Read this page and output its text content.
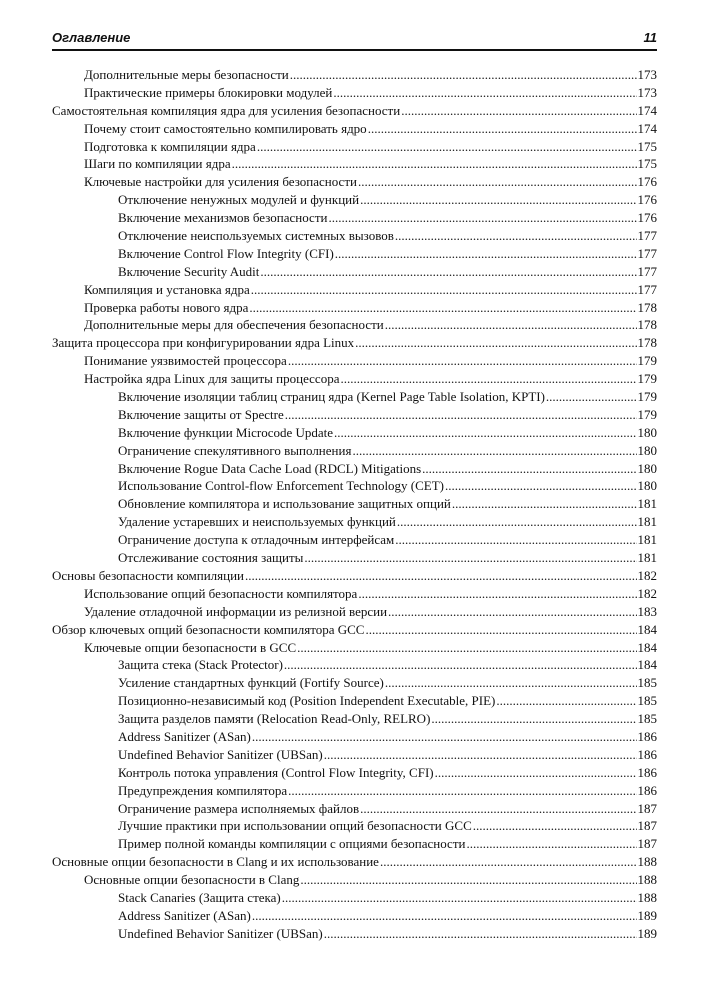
Оглавление	11
Дополнительные меры безопасности .....	173
Практические примеры блокировки модулей .....	173
Самостоятельная компиляция ядра для усиления безопасности .....	174
Почему стоит самостоятельно компилировать ядро .....	174
Подготовка к компиляции ядра .....	175
Шаги по компиляции ядра .....	175
Ключевые настройки для усиления безопасности .....	176
Отключение ненужных модулей и функций .....	176
Включение механизмов безопасности .....	176
Отключение неиспользуемых системных вызовов .....	177
Включение Control Flow Integrity (CFI) .....	177
Включение Security Audit .....	177
Компиляция и установка ядра .....	177
Проверка работы нового ядра .....	178
Дополнительные меры для обеспечения безопасности .....	178
Защита процессора при конфигурировании ядра Linux .....	178
Понимание уязвимостей процессора .....	179
Настройка ядра Linux для защиты процессора .....	179
Включение изоляции таблиц страниц ядра (Kernel Page Table Isolation, KPTI) .....	179
Включение защиты от Spectre .....	179
Включение функции Microcode Update .....	180
Ограничение спекулятивного выполнения .....	180
Включение Rogue Data Cache Load (RDCL) Mitigations .....	180
Использование Control-flow Enforcement Technology (CET) .....	180
Обновление компилятора и использование защитных опций .....	181
Удаление устаревших и неиспользуемых функций .....	181
Ограничение доступа к отладочным интерфейсам .....	181
Отслеживание состояния защиты .....	181
Основы безопасности компиляции .....	182
Использование опций безопасности компилятора .....	182
Удаление отладочной информации из релизной версии .....	183
Обзор ключевых опций безопасности компилятора GCC .....	184
Ключевые опции безопасности в GCC .....	184
Защита стека (Stack Protector) .....	184
Усиление стандартных функций (Fortify Source) .....	185
Позиционно-независимый код (Position Independent Executable, PIE) .....	185
Защита разделов памяти (Relocation Read-Only, RELRO) .....	185
Address Sanitizer (ASan) .....	186
Undefined Behavior Sanitizer (UBSan) .....	186
Контроль потока управления (Control Flow Integrity, CFI) .....	186
Предупреждения компилятора .....	186
Ограничение размера исполняемых файлов .....	187
Лучшие практики при использовании опций безопасности GCC .....	187
Пример полной команды компиляции с опциями безопасности .....	187
Основные опции безопасности в Clang и их использование .....	188
Основные опции безопасности в Clang .....	188
Stack Canaries (Защита стека) .....	188
Address Sanitizer (ASan) .....	189
Undefined Behavior Sanitizer (UBSan) .....	189
